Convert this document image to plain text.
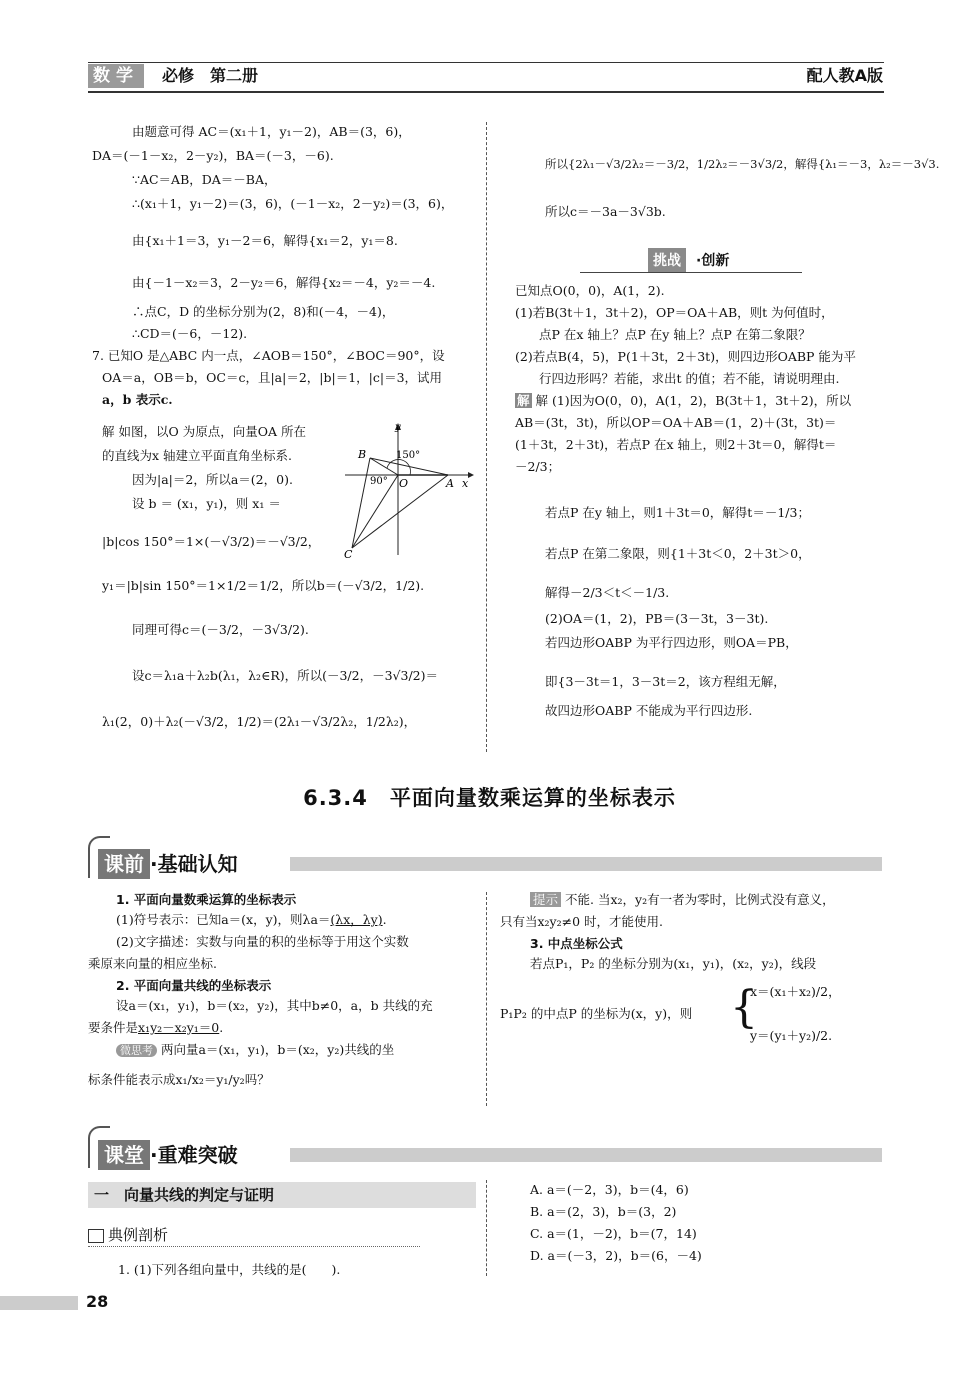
数学	必修　第二册	配人教A版
由题意可得 AC＝(x₁＋1，y₁－2)，AB＝(3，6)，
DA＝(－1－x₂，2－y₂)，BA＝(－3，－6).
∵AC＝AB，DA＝－BA，
∴(x₁＋1，y₁－2)＝(3，6)，(－1－x₂，2－y₂)＝(3，6)，
由{x₁＋1＝3，y₁－2＝6，解得{x₁＝2，y₁＝8.
由{－1－x₂＝3，2－y₂＝6，解得{x₂＝－4，y₂＝－4.
∴点C，D 的坐标分别为(2，8)和(－4，－4)，
∴CD＝(－6，－12).
7. 已知O 是△ABC 内一点，∠AOB＝150°，∠BOC＝90°，设
OA＝a，OB＝b，OC＝c，且|a|＝2，|b|＝1，|c|＝3，试用
a，b 表示c.
解 如图，以O 为原点，向量OA 所在
的直线为x 轴建立平面直角坐标系.
因为|a|＝2，所以a＝(2，0).
设 b ＝ (x₁，y₁)，则 x₁ ＝
|b|cos 150°＝1×(－√3/2)＝－√3/2，
y
B	150°
90° O	A x
C
y₁＝|b|sin 150°＝1×1/2＝1/2，所以b＝(－√3/2，1/2).
同理可得c＝(－3/2，－3√3/2).
设c＝λ₁a＋λ₂b(λ₁，λ₂∈R)，所以(－3/2，－3√3/2)＝
λ₁(2，0)＋λ₂(－√3/2，1/2)＝(2λ₁－√3/2λ₂，1/2λ₂)，
所以{2λ₁－√3/2λ₂＝－3/2，1/2λ₂＝－3√3/2，解得{λ₁＝－3，λ₂＝－3√3.
所以c＝－3a－3√3b.
挑战	·创新
已知点O(0，0)，A(1，2).
(1)若B(3t＋1，3t＋2)，OP＝OA＋AB，则t 为何值时，
点P 在x 轴上？点P 在y 轴上？点P 在第二象限？
(2)若点B(4，5)，P(1＋3t，2＋3t)，则四边形OABP 能为平
行四边形吗？若能，求出t 的值；若不能，请说明理由.
解 解 (1)因为O(0，0)，A(1，2)，B(3t＋1，3t＋2)，所以
AB＝(3t，3t)，所以OP＝OA＋AB＝(1，2)＋(3t，3t)＝
(1＋3t，2＋3t)，若点P 在x 轴上，则2＋3t＝0，解得t＝
－2/3；
若点P 在y 轴上，则1＋3t＝0，解得t＝－1/3；
若点P 在第二象限，则{1＋3t＜0，2＋3t＞0，
解得－2/3＜t＜－1/3.
(2)OA＝(1，2)，PB＝(3－3t，3－3t).
若四边形OABP 为平行四边形，则OA＝PB，
即{3－3t＝1，3－3t＝2，该方程组无解，
故四边形OABP 不能成为平行四边形.
6.3.4　平面向量数乘运算的坐标表示
课前 ·基础认知
1. 平面向量数乘运算的坐标表示
(1)符号表示：已知a＝(x，y)，则λa＝(λx，λy).
(2)文字描述：实数与向量的积的坐标等于用这个实数
乘原来向量的相应坐标.
2. 平面向量共线的坐标表示
设a＝(x₁，y₁)，b＝(x₂，y₂)，其中b≠0，a，b 共线的充
要条件是x₁y₂－x₂y₁＝0.
微思考 两向量a＝(x₁，y₁)，b＝(x₂，y₂)共线的坐
标条件能表示成x₁/x₂＝y₁/y₂吗？
提示 不能. 当x₂，y₂有一者为零时，比例式没有意义，
只有当x₂y₂≠0 时，才能使用.
3. 中点坐标公式
若点P₁，P₂ 的坐标分别为(x₁，y₁)，(x₂，y₂)，线段
P₁P₂ 的中点P 的坐标为(x，y)，则 {
x＝(x₁＋x₂)/2，
y＝(y₁＋y₂)/2.
课堂 ·重难突破
一　向量共线的判定与证明
典例剖析
1. (1)下列各组向量中，共线的是(　　).
A. a＝(－2，3)，b＝(4，6)
B. a＝(2，3)，b＝(3，2)
C. a＝(1，－2)，b＝(7，14)
D. a＝(－3，2)，b＝(6，－4)
28
